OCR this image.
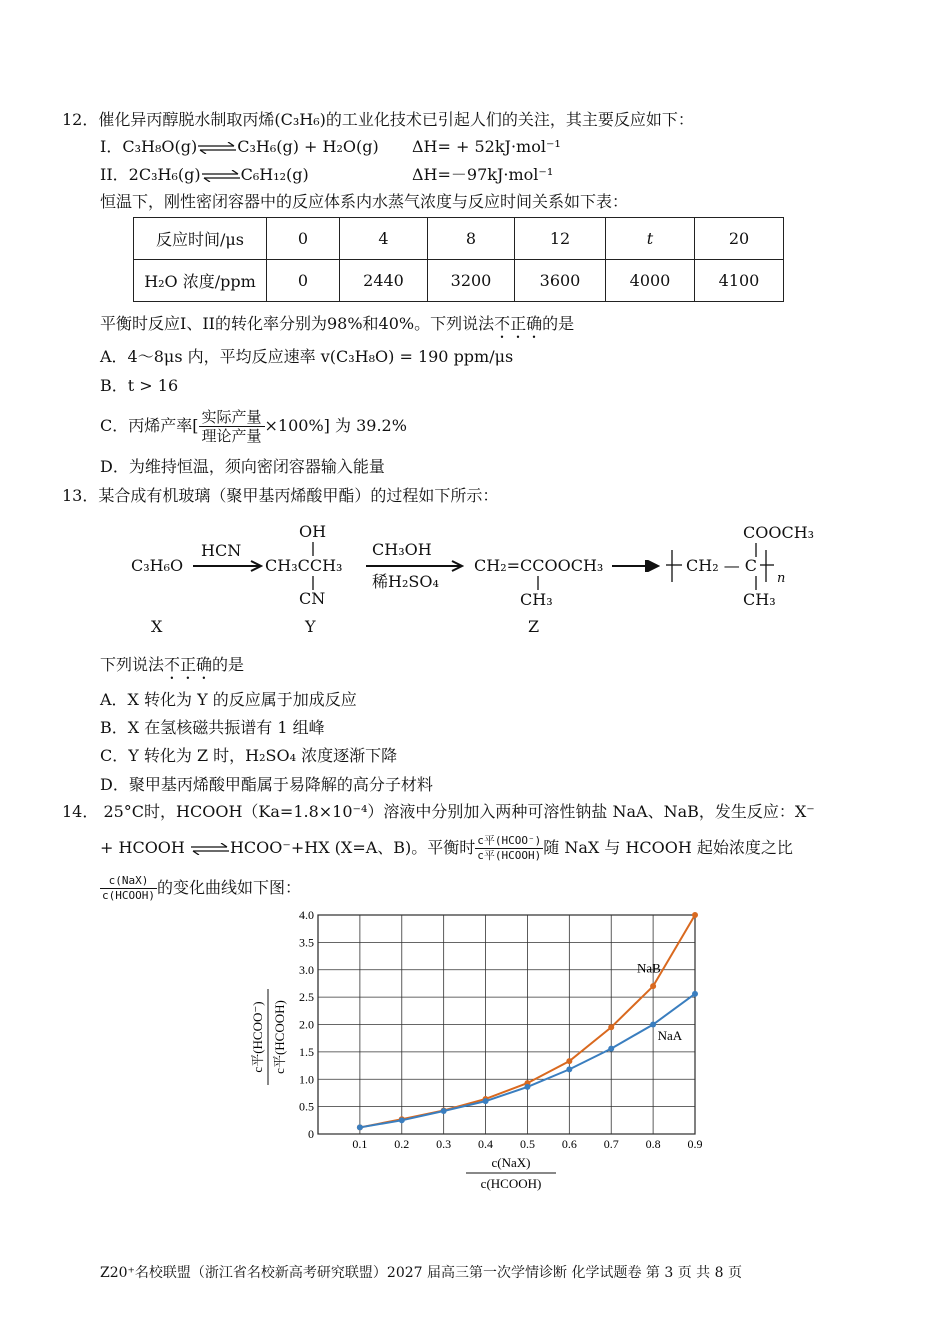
12．催化异丙醇脱水制取丙烯(C₃H₆)的工业化技术已引起人们的关注，其主要反应如下：
I．C₃H₈O(g)⇌C₃H₆(g) + H₂O(g) ΔH= + 52kJ·mol⁻¹
II．2C₃H₆(g)⇌C₆H₁₂(g)	ΔH=－97kJ·mol⁻¹
恒温下，刚性密闭容器中的反应体系内水蒸气浓度与反应时间关系如下表：
反应时间/μs	0	4	8	12	t	20
H₂O 浓度/ppm	0	2440	3200	3600	4000	4100
平衡时反应I、II的转化率分别为98%和40%。下列说法不正确的是
A．4～8μs 内，平均反应速率 v(C₃H₈O) = 190 ppm/μs
B．t > 16
C．丙烯产率[ $\frac{\text{实际产量}}{\text{理论产量}} \times 100\%$] 为 39.2%
D．为维持恒温，须向密闭容器输入能量
13．某合成有机玻璃（聚甲基丙烯酸甲酯）的过程如下所示：
C₃H₆O
HCN
OH
CH₃CCH₃
CN
CH₃OH
稀H₂SO₄
CH₂=CCOOCH₃
CH₃
COOCH₃
CH₂ — C
n
CH₃
X	Y	Z
下列说法不正确的是
A．X 转化为 Y 的反应属于加成反应
B．X 在氢核磁共振谱有 1 组峰
C．Y 转化为 Z 时，H₂SO₄ 浓度逐渐下降
D．聚甲基丙烯酸甲酯属于易降解的高分子材料
14． 25°C时，HCOOH（Ka=1.8×10⁻⁴）溶液中分别加入两种可溶性钠盐 NaA、NaB，发生反应：X⁻
+ HCOOH ⇌HCOO⁻+HX (X=A、B)。平衡时 $\frac{\text{c平(HCOO⁻)}}{\text{c平(HCOOH)}}$ 随 NaX 与 HCOOH 起始浓度之比
$\frac{\text{c(NaX)}}{\text{c(HCOOH)}}$ 的变化曲线如下图：
0
0.5
1.0
1.5
2.0
2.5
3.0
3.5
4.0
0.1 0.2 0.3 0.4 0.5 0.6 0.7 0.8 0.9
NaB
NaA
c平(HCOO⁻) c平(HCOOH)
c(NaX)
c(HCOOH)
Z20⁺名校联盟（浙江省名校新高考研究联盟）2027 届高三第一次学情诊断 化学试题卷 第 3 页 共 8 页
